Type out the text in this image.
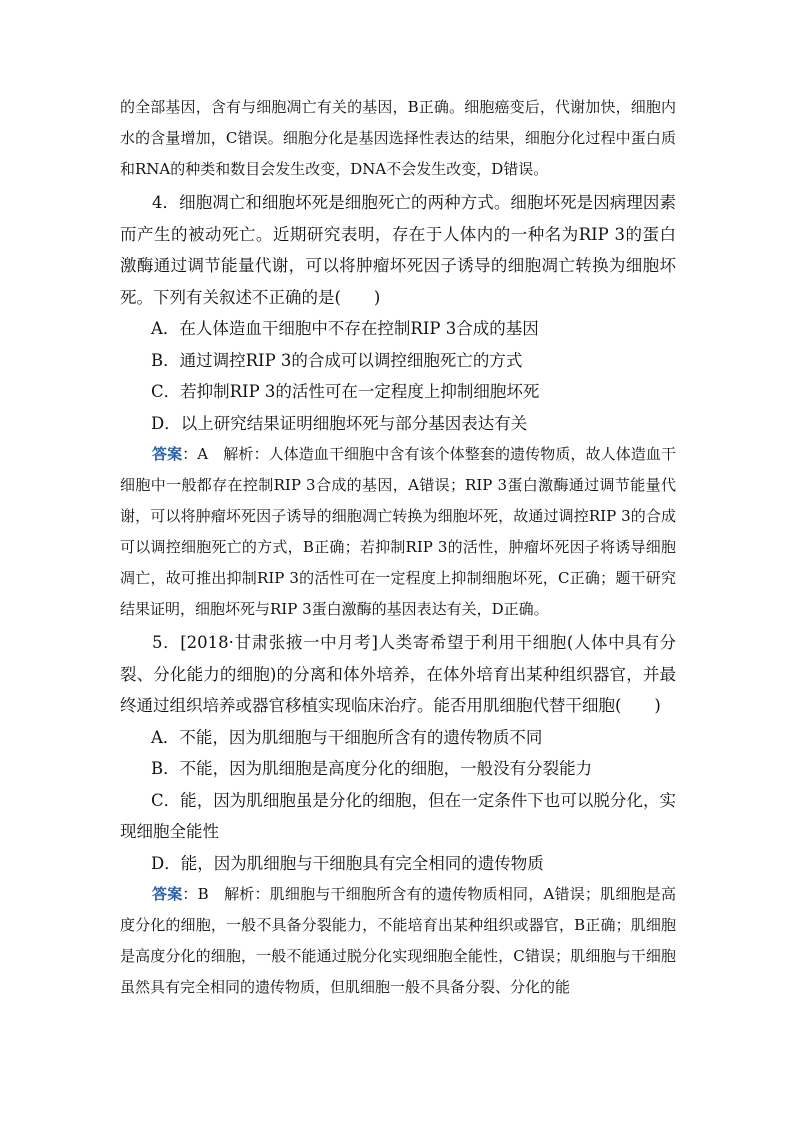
的全部基因，含有与细胞凋亡有关的基因，B正确。细胞癌变后，代谢加快，细胞内水的含量增加，C错误。细胞分化是基因选择性表达的结果，细胞分化过程中蛋白质和RNA的种类和数目会发生改变，DNA不会发生改变，D错误。

4．细胞凋亡和细胞坏死是细胞死亡的两种方式。细胞坏死是因病理因素而产生的被动死亡。近期研究表明，存在于人体内的一种名为RIP 3的蛋白激酶通过调节能量代谢，可以将肿瘤坏死因子诱导的细胞凋亡转换为细胞坏死。下列有关叙述不正确的是(　　)

A．在人体造血干细胞中不存在控制RIP 3合成的基因

B．通过调控RIP 3的合成可以调控细胞死亡的方式

C．若抑制RIP 3的活性可在一定程度上抑制细胞坏死

D．以上研究结果证明细胞坏死与部分基因表达有关

答案：A　解析：人体造血干细胞中含有该个体整套的遗传物质，故人体造血干细胞中一般都存在控制RIP 3合成的基因，A错误；RIP 3蛋白激酶通过调节能量代谢，可以将肿瘤坏死因子诱导的细胞凋亡转换为细胞坏死，故通过调控RIP 3的合成可以调控细胞死亡的方式，B正确；若抑制RIP 3的活性，肿瘤坏死因子将诱导细胞凋亡，故可推出抑制RIP 3的活性可在一定程度上抑制细胞坏死，C正确；题干研究结果证明，细胞坏死与RIP 3蛋白激酶的基因表达有关，D正确。

5．[2018·甘肃张掖一中月考]人类寄希望于利用干细胞(人体中具有分裂、分化能力的细胞)的分离和体外培养，在体外培育出某种组织器官，并最终通过组织培养或器官移植实现临床治疗。能否用肌细胞代替干细胞(　　)

A．不能，因为肌细胞与干细胞所含有的遗传物质不同

B．不能，因为肌细胞是高度分化的细胞，一般没有分裂能力

C．能，因为肌细胞虽是分化的细胞，但在一定条件下也可以脱分化，实现细胞全能性

D．能，因为肌细胞与干细胞具有完全相同的遗传物质

答案：B　解析：肌细胞与干细胞所含有的遗传物质相同，A错误；肌细胞是高度分化的细胞，一般不具备分裂能力，不能培育出某种组织或器官，B正确；肌细胞是高度分化的细胞，一般不能通过脱分化实现细胞全能性，C错误；肌细胞与干细胞虽然具有完全相同的遗传物质，但肌细胞一般不具备分裂、分化的能
